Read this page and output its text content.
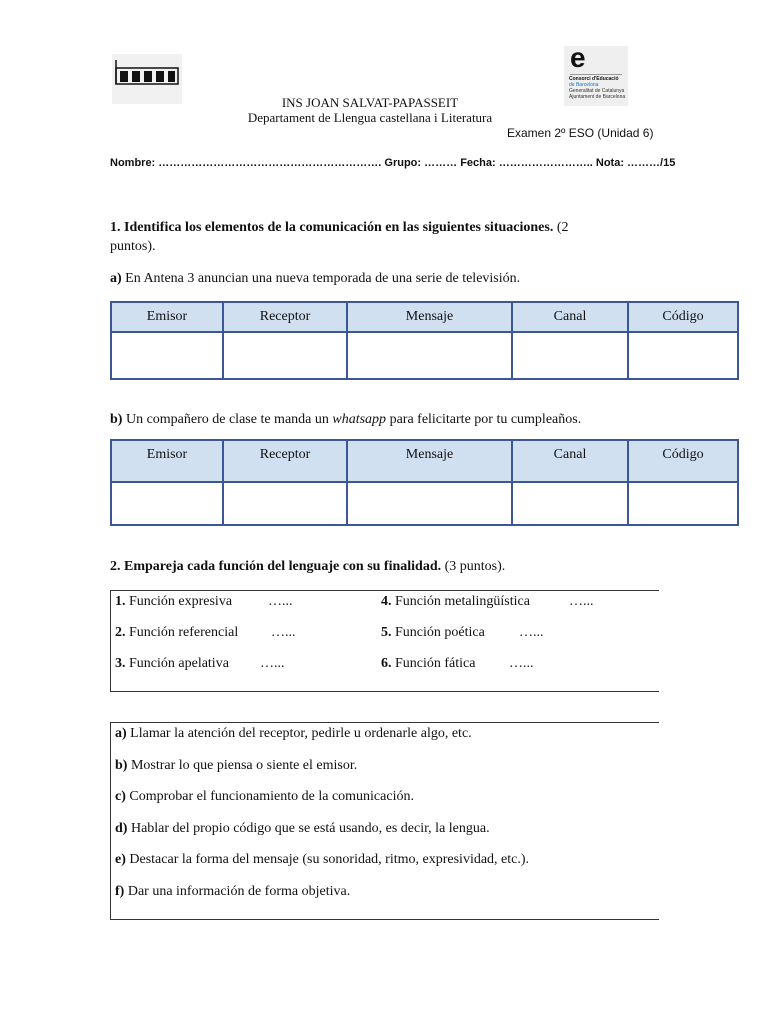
e
Consorci d'Educació
de Barcelona
Generalitat de Catalunya
Ajuntament de Barcelona
INS JOAN SALVAT-PAPASSEIT
Departament de Llengua castellana i Literatura
Examen 2º ESO (Unidad 6)
Nombre: ……………………………………………………. Grupo: ……… Fecha: …………………….. Nota: ………/15
1. Identifica los elementos de la comunicación en las siguientes situaciones. (2
puntos).
a) En Antena 3 anuncian una nueva temporada de una serie de televisión.
Emisor	Receptor	Mensaje	Canal	Código

b) Un compañero de clase te manda un whatsapp para felicitarte por tu cumpleaños.
Emisor	Receptor	Mensaje	Canal	Código

2. Empareja cada función del lenguaje con su finalidad. (3 puntos).
1. Función expresiva	…...
2. Función referencial …...
3. Función apelativa …...
4. Función metalingüística	…...
5. Función poética …...
6. Función fática …...
a) Llamar la atención del receptor, pedirle u ordenarle algo, etc.
b) Mostrar lo que piensa o siente el emisor.
c) Comprobar el funcionamiento de la comunicación.
d) Hablar del propio código que se está usando, es decir, la lengua.
e) Destacar la forma del mensaje (su sonoridad, ritmo, expresividad, etc.).
f) Dar una información de forma objetiva.
